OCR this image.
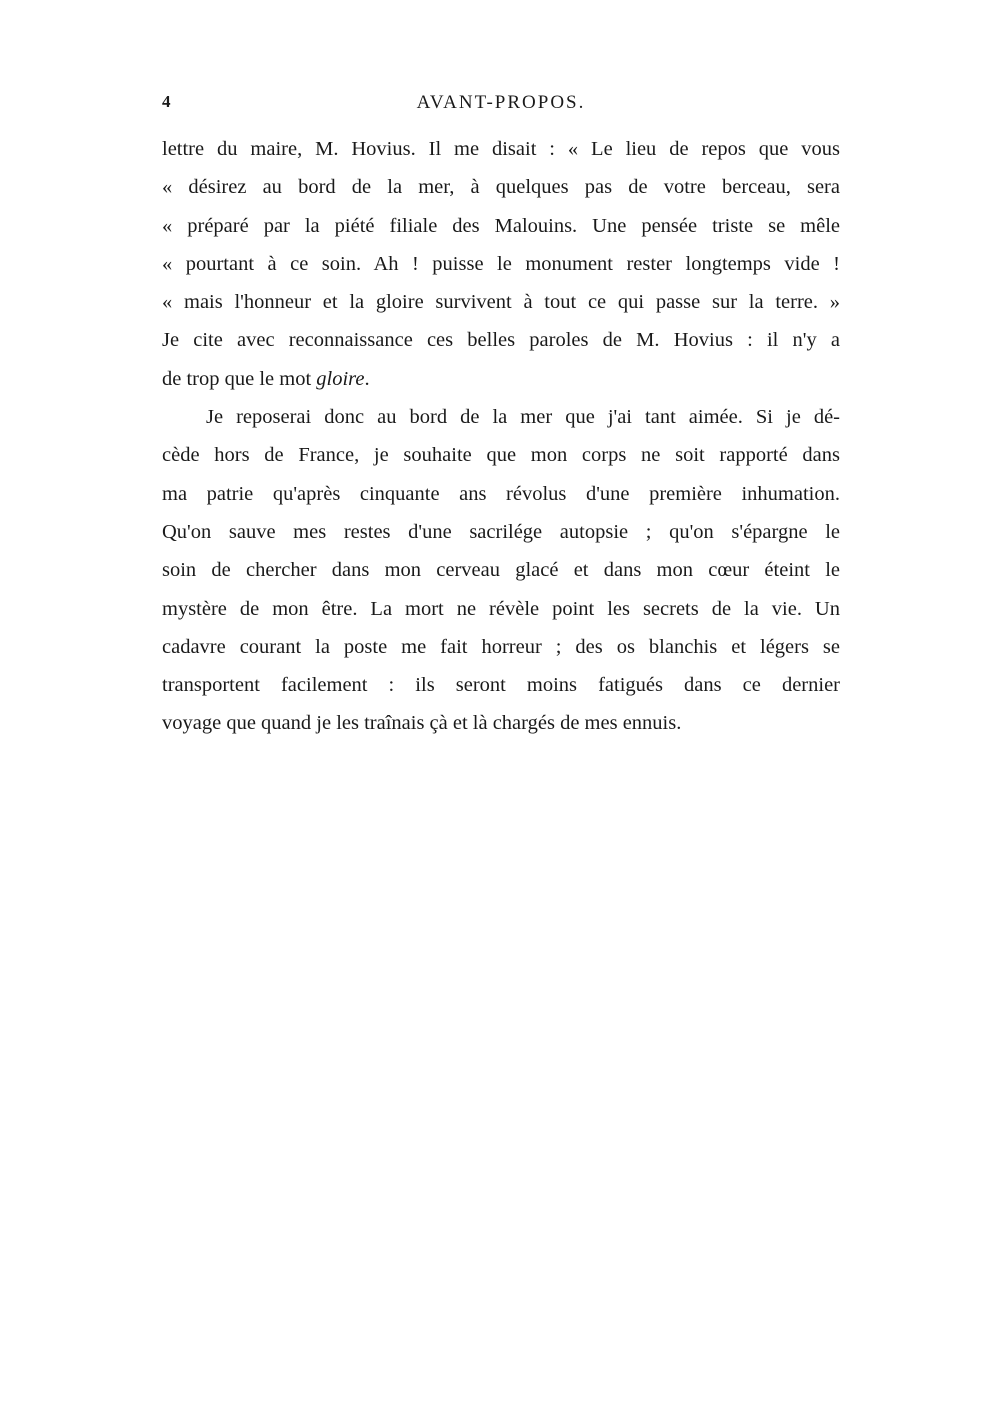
4	AVANT-PROPOS.
lettre du maire, M. Hovius. Il me disait : « Le lieu de repos que vous
« désirez au bord de la mer, à quelques pas de votre berceau, sera
« préparé par la piété filiale des Malouins. Une pensée triste se mêle
« pourtant à ce soin. Ah ! puisse le monument rester longtemps vide !
« mais l'honneur et la gloire survivent à tout ce qui passe sur la terre. »
Je cite avec reconnaissance ces belles paroles de M. Hovius : il n'y a
de trop que le mot gloire.
Je reposerai donc au bord de la mer que j'ai tant aimée. Si je dé-
cède hors de France, je souhaite que mon corps ne soit rapporté dans
ma patrie qu'après cinquante ans révolus d'une première inhumation.
Qu'on sauve mes restes d'une sacrilége autopsie ; qu'on s'épargne le
soin de chercher dans mon cerveau glacé et dans mon cœur éteint le
mystère de mon être. La mort ne révèle point les secrets de la vie. Un
cadavre courant la poste me fait horreur ; des os blanchis et légers se
transportent facilement : ils seront moins fatigués dans ce dernier
voyage que quand je les traînais çà et là chargés de mes ennuis.
